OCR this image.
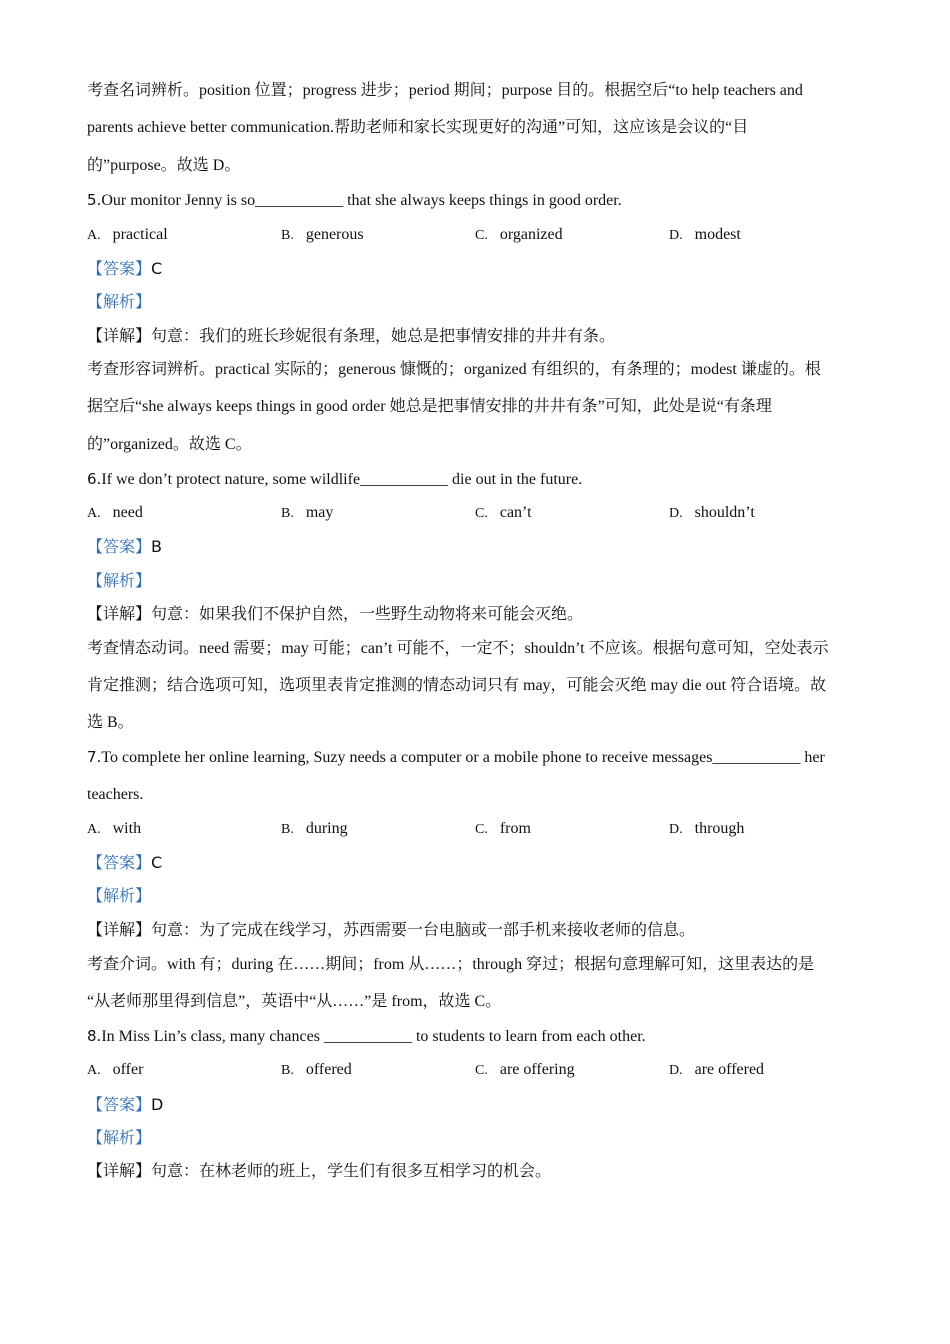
考查名词辨析。position 位置；progress 进步；period 期间；purpose 目的。根据空后“to help teachers and
parents achieve better communication.帮助老师和家长实现更好的沟通”可知，这应该是会议的“目
的”purpose。故选 D。
5.Our monitor Jenny is so___________ that she always keeps things in good order.
A. practical	B. generous	C. organized	D. modest
【答案】C
【解析】
【详解】句意：我们的班长珍妮很有条理，她总是把事情安排的井井有条。
考查形容词辨析。practical 实际的；generous 慷慨的；organized 有组织的，有条理的；modest 谦虚的。根
据空后“she always keeps things in good order 她总是把事情安排的井井有条”可知，此处是说“有条理
的”organized。故选 C。
6.If we don’t protect nature, some wildlife___________ die out in the future.
A. need	B. may	C. can’t	D. shouldn’t
【答案】B
【解析】
【详解】句意：如果我们不保护自然，一些野生动物将来可能会灭绝。
考查情态动词。need 需要；may 可能；can’t 可能不，一定不；shouldn’t 不应该。根据句意可知，空处表示
肯定推测；结合选项可知，选项里表肯定推测的情态动词只有 may，可能会灭绝 may die out 符合语境。故
选 B。
7.To complete her online learning, Suzy needs a computer or a mobile phone to receive messages___________ her
teachers.
A. with	B. during	C. from	D. through
【答案】C
【解析】
【详解】句意：为了完成在线学习，苏西需要一台电脑或一部手机来接收老师的信息。
考查介词。with 有；during 在……期间；from 从……；through 穿过；根据句意理解可知，这里表达的是
“从老师那里得到信息”，英语中“从……”是 from，故选 C。
8.In Miss Lin’s class, many chances ___________ to students to learn from each other.
A. offer	B. offered	C. are offering	D. are offered
【答案】D
【解析】
【详解】句意：在林老师的班上，学生们有很多互相学习的机会。
